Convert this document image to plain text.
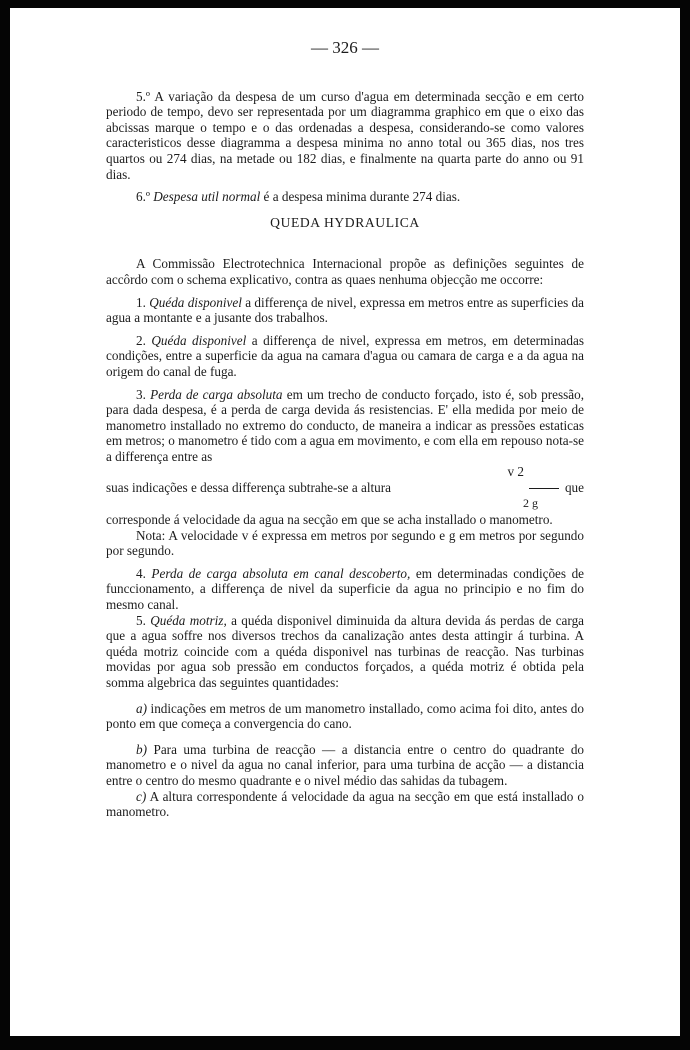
— 326 —

5.º A variação da despesa de um curso d'agua em determinada secção e em certo periodo de tempo, devo ser representada por um diagramma graphico em que o eixo das abcissas marque o tempo e o das ordenadas a despesa, considerando-se como valores caracteristicos desse diagramma a despesa minima no anno total ou 365 dias, nos tres quartos ou 274 dias, na metade ou 182 dias, e finalmente na quarta parte do anno ou 91 dias.

6.º Despesa util normal é a despesa minima durante 274 dias.

QUEDA HYDRAULICA

A Commissão Electrotechnica Internacional propõe as definições seguintes de accôrdo com o schema explicativo, contra as quaes nenhuma objecção me occorre:

1. Quéda disponivel a differença de nivel, expressa em metros entre as superficies da agua a montante e a jusante dos trabalhos.

2. Quéda disponivel a differença de nivel, expressa em metros, em determinadas condições, entre a superficie da agua na camara d'agua ou camara de carga e a da agua na origem do canal de fuga.

3. Perda de carga absoluta em um trecho de conducto forçado, isto é, sob pressão, para dada despesa, é a perda de carga devida ás resistencias. E' ella medida por meio de manometro installado no extremo do conducto, de maneira a indicar as pressões estaticas em metros; o manometro é tido com a agua em movimento, e com ella em repouso nota-se a differença entre as

v 2
suas indicações e dessa differença subtrahe-se a altura	que
2 g

corresponde á velocidade da agua na secção em que se acha installado o manometro.

Nota: A velocidade v é expressa em metros por segundo e g em metros por segundo por segundo.

4. Perda de carga absoluta em canal descoberto, em determinadas condições de funccionamento, a differença de nivel da superficie da agua no principio e no fim do mesmo canal.

5. Quéda motriz, a quéda disponivel diminuida da altura devida ás perdas de carga que a agua soffre nos diversos trechos da canalização antes desta attingir á turbina. A quéda motriz coincide com a quéda disponivel nas turbinas de reacção. Nas turbinas movidas por agua sob pressão em conductos forçados, a quéda motriz é obtida pela somma algebrica das seguintes quantidades:

a) indicações em metros de um manometro installado, como acima foi dito, antes do ponto em que começa a convergencia do cano.

b) Para uma turbina de reacção — a distancia entre o centro do quadrante do manometro e o nivel da agua no canal inferior, para uma turbina de acção — a distancia entre o centro do mesmo quadrante e o nivel médio das sahidas da tubagem.

c) A altura correspondente á velocidade da agua na secção em que está installado o manometro.
